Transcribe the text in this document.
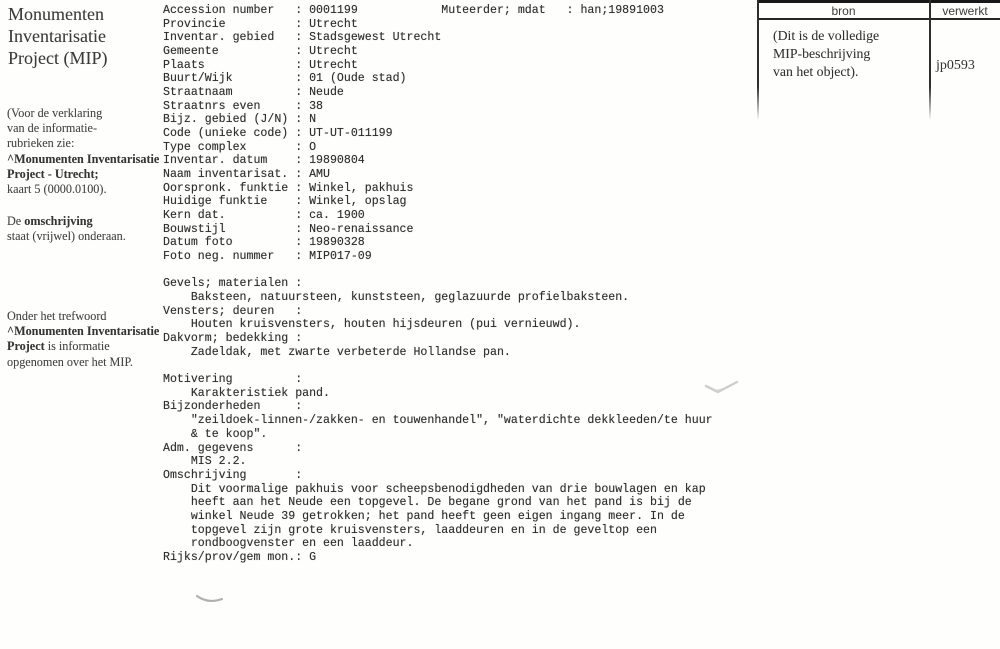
Monumenten
Inventarisatie
Project (MIP)
(Voor de verklaring
van de informatie-
rubrieken zie:
^Monumenten Inventarisatie
Project - Utrecht;
kaart 5 (0000.0100).
De omschrijving
staat (vrijwel) onderaan.
Onder het trefwoord
^Monumenten Inventarisatie
Project is informatie
opgenomen over het MIP.
Accession number   : 0001199            Muteerder; mdat   : han;19891003
Provincie          : Utrecht
Inventar. gebied   : Stadsgewest Utrecht
Gemeente           : Utrecht
Plaats             : Utrecht
Buurt/Wijk         : 01 (Oude stad)
Straatnaam         : Neude
Straatnrs even     : 38
Bijz. gebied (J/N) : N
Code (unieke code) : UT-UT-011199
Type complex       : O
Inventar. datum    : 19890804
Naam inventarisat. : AMU
Oorspronk. funktie : Winkel, pakhuis
Huidige funktie    : Winkel, opslag
Kern dat.          : ca. 1900
Bouwstijl          : Neo-renaissance
Datum foto         : 19890328
Foto neg. nummer   : MIP017-09
Gevels; materialen :
Baksteen, natuursteen, kunststeen, geglazuurde profielbaksteen.
Vensters; deuren   :
Houten kruisvensters, houten hijsdeuren (pui vernieuwd).
Dakvorm; bedekking :
Zadeldak, met zwarte verbeterde Hollandse pan.
Motivering         :
Karakteristiek pand.
Bijzonderheden     :
"zeildoek-linnen-/zakken- en touwenhandel", "waterdichte dekkleeden/te huur
& te koop".
Adm. gegevens      :
MIS 2.2.
Omschrijving       :
Dit voormalige pakhuis voor scheepsbenodigdheden van drie bouwlagen en kap
heeft aan het Neude een topgevel. De begane grond van het pand is bij de
winkel Neude 39 getrokken; het pand heeft geen eigen ingang meer. In de
topgevel zijn grote kruisvensters, laaddeuren en in de geveltop een
rondboogvenster en een laaddeur.
Rijks/prov/gem mon.: G
bron	verwerkt
(Dit is de volledige
MIP-beschrijving
van het object).	jp0593
